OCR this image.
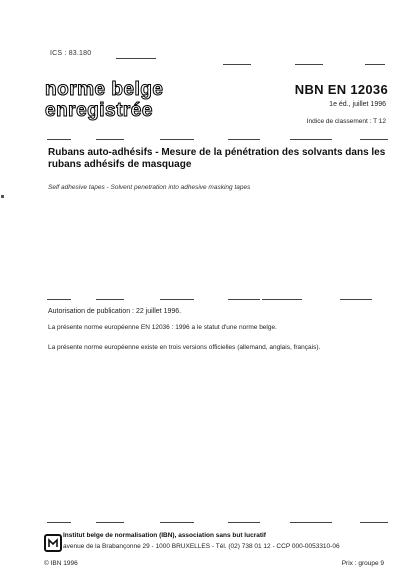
ICS : 83.180
norme belge
enregistrée
NBN EN 12036
1e éd., juillet 1996
Indice de classement : T 12
Rubans auto-adhésifs - Mesure de la pénétration des solvants dans les rubans adhésifs de masquage
Self adhesive tapes - Solvent penetration into adhesive masking tapes
Autorisation de publication : 22 juillet 1996.
La présente norme européenne EN 12036 : 1996 a le statut d'une norme belge.
La présente norme européenne existe en trois versions officielles (allemand, anglais, français).
Institut belge de normalisation (IBN), association sans but lucratif
avenue de la Brabançonne 29 - 1000 BRUXELLES - Tél. (02) 738 01 12 - CCP 000-0053310-06
© IBN 1996	Prix : groupe 9
